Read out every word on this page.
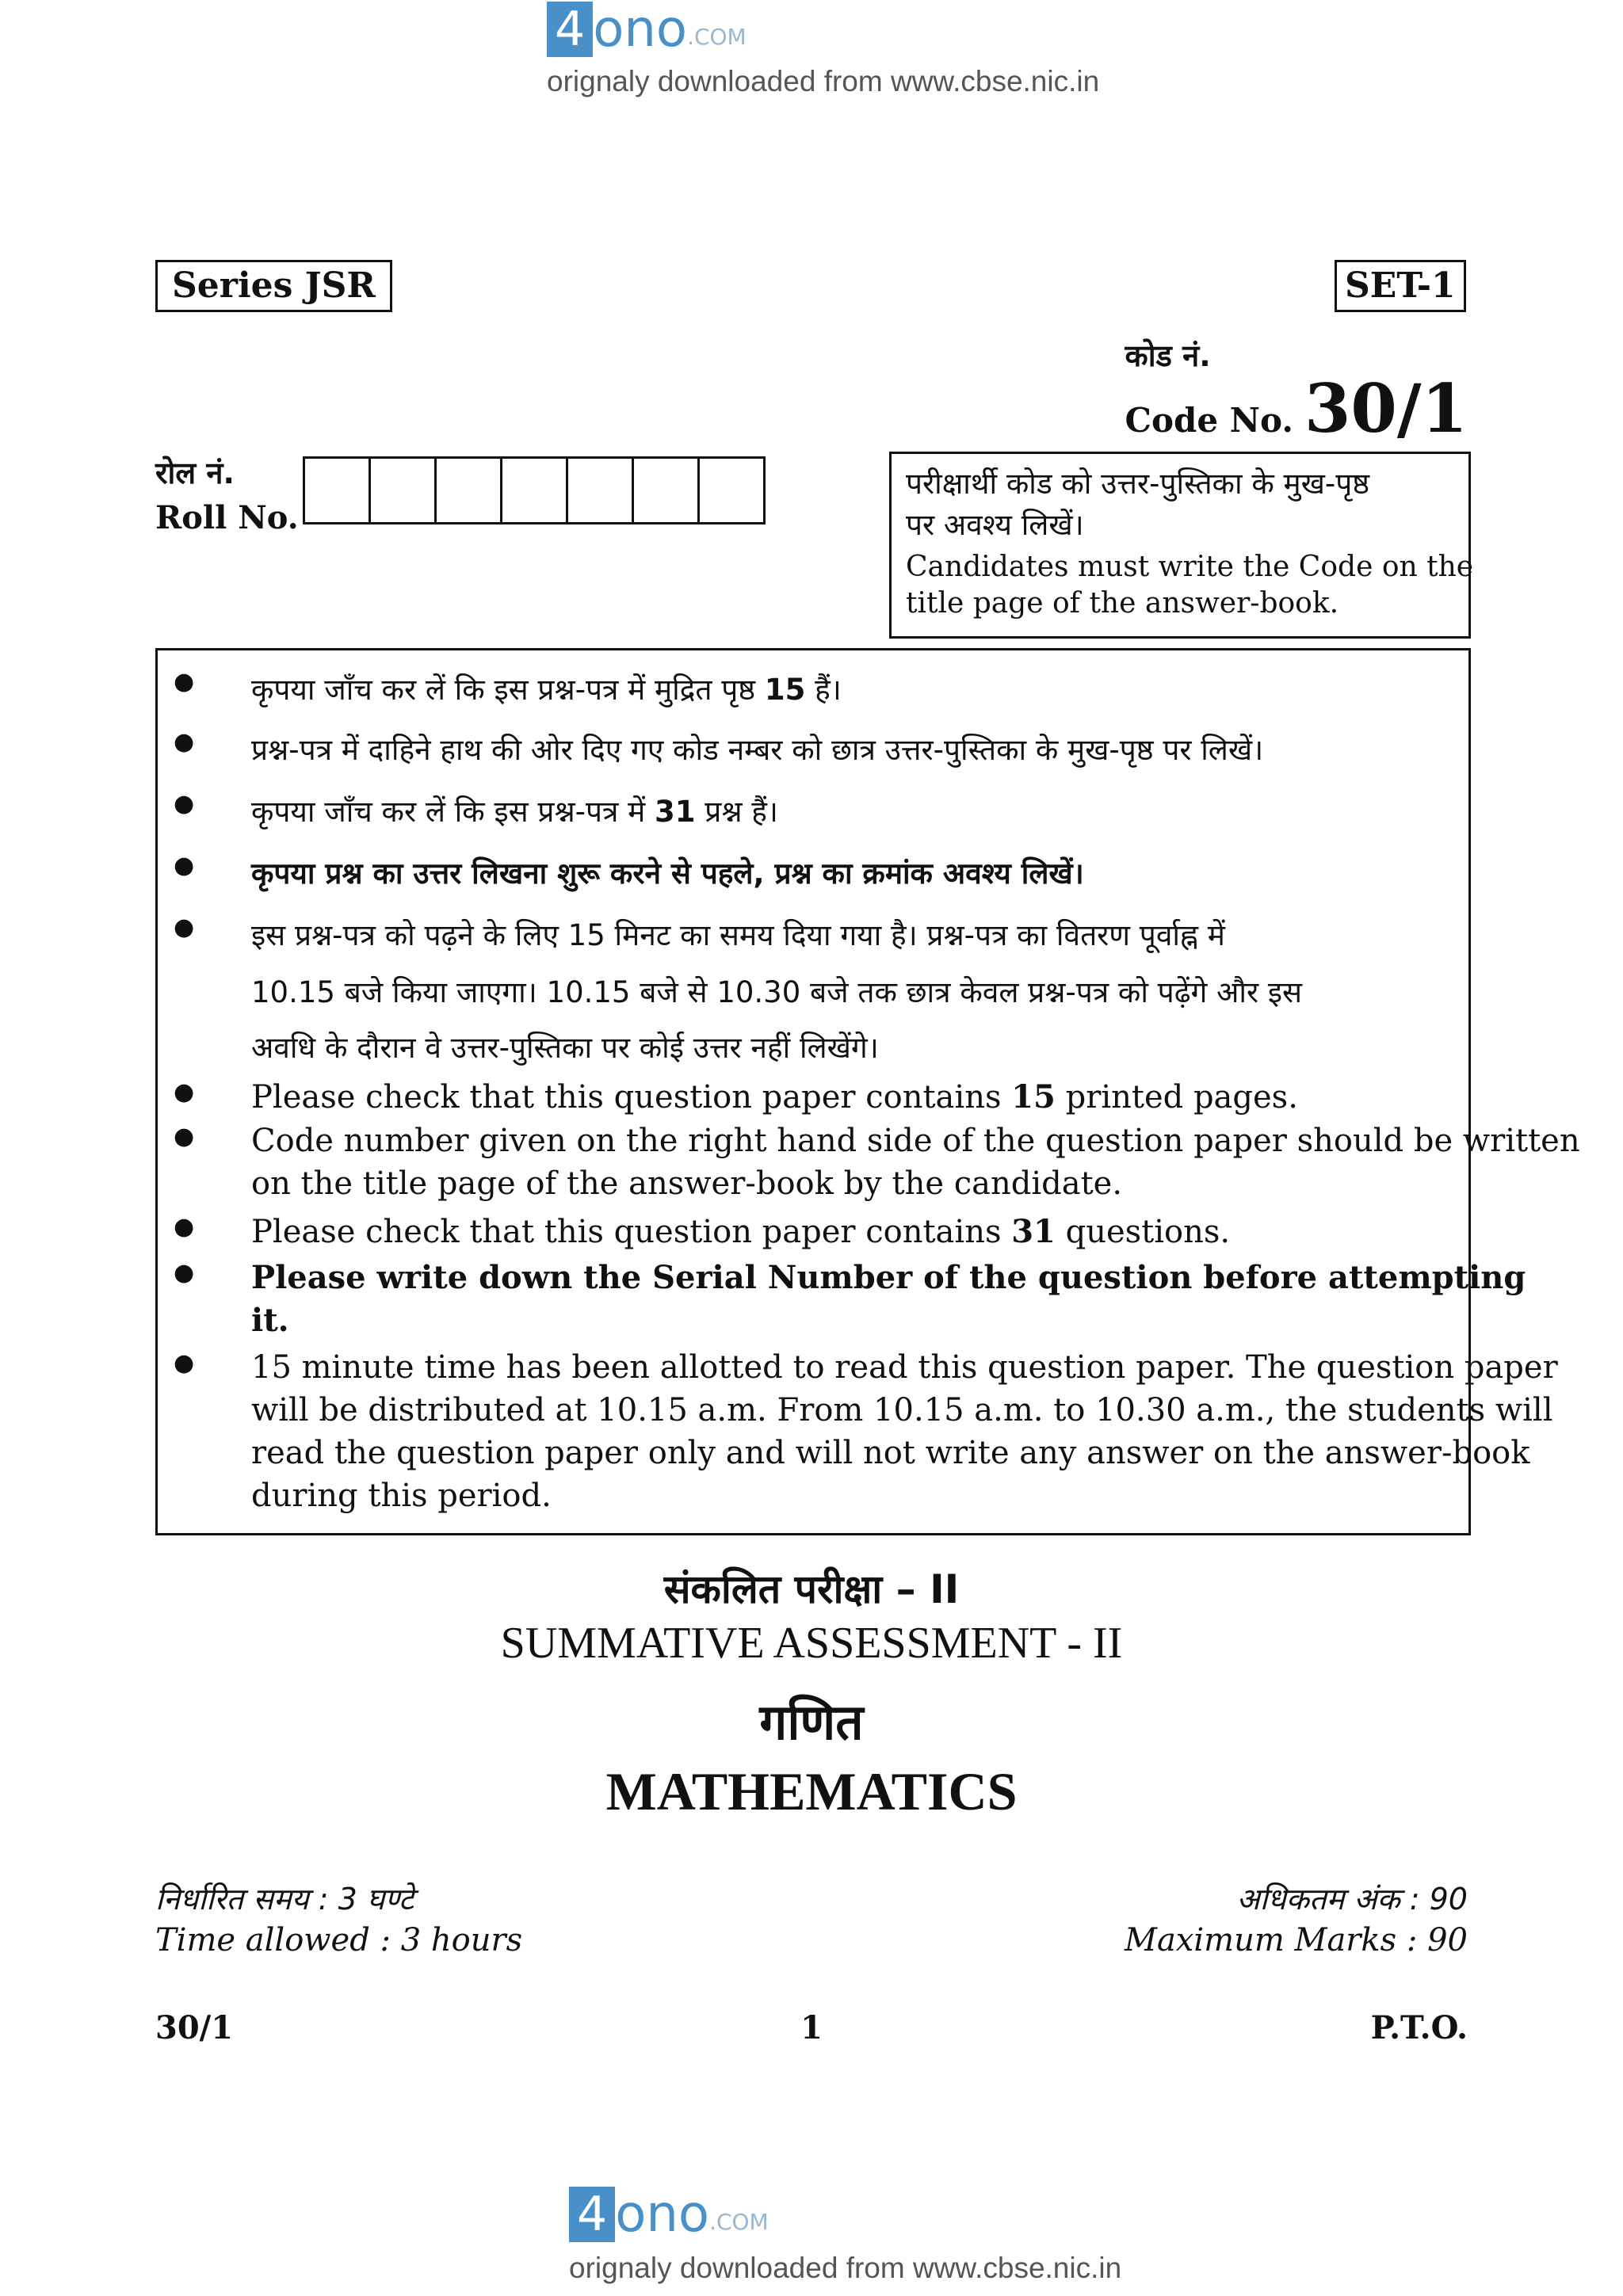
4 ono .COM
orignaly downloaded from www.cbse.nic.in
Series JSR	SET-1
कोड नं.
Code No. 30/1
रोल नं.
Roll No.
परीक्षार्थी कोड को उत्तर-पुस्तिका के मुख-पृष्ठ
पर अवश्य लिखें।
Candidates must write the Code on the
title page of the answer-book.
● कृपया जाँच कर लें कि इस प्रश्न-पत्र में मुद्रित पृष्ठ 15 हैं।
● प्रश्न-पत्र में दाहिने हाथ की ओर दिए गए कोड नम्बर को छात्र उत्तर-पुस्तिका के मुख-पृष्ठ पर लिखें।
● कृपया जाँच कर लें कि इस प्रश्न-पत्र में 31 प्रश्न हैं।
● कृपया प्रश्न का उत्तर लिखना शुरू करने से पहले, प्रश्न का क्रमांक अवश्य लिखें।
● इस प्रश्न-पत्र को पढ़ने के लिए 15 मिनट का समय दिया गया है। प्रश्न-पत्र का वितरण पूर्वाह्न में
10.15 बजे किया जाएगा। 10.15 बजे से 10.30 बजे तक छात्र केवल प्रश्न-पत्र को पढ़ेंगे और इस
अवधि के दौरान वे उत्तर-पुस्तिका पर कोई उत्तर नहीं लिखेंगे।
● Please check that this question paper contains 15 printed pages.
● Code number given on the right hand side of the question paper should be written
on the title page of the answer-book by the candidate.
● Please check that this question paper contains 31 questions.
● Please write down the Serial Number of the question before attempting
it.
● 15 minute time has been allotted to read this question paper. The question paper
will be distributed at 10.15 a.m. From 10.15 a.m. to 10.30 a.m., the students will
read the question paper only and will not write any answer on the answer-book
during this period.
संकलित परीक्षा – II
SUMMATIVE ASSESSMENT - II
गणित
MATHEMATICS
निर्धारित समय : 3 घण्टे
Time allowed : 3 hours
अधिकतम अंक : 90
Maximum Marks : 90
30/1	1	P.T.O.
4 ono .COM
orignaly downloaded from www.cbse.nic.in
